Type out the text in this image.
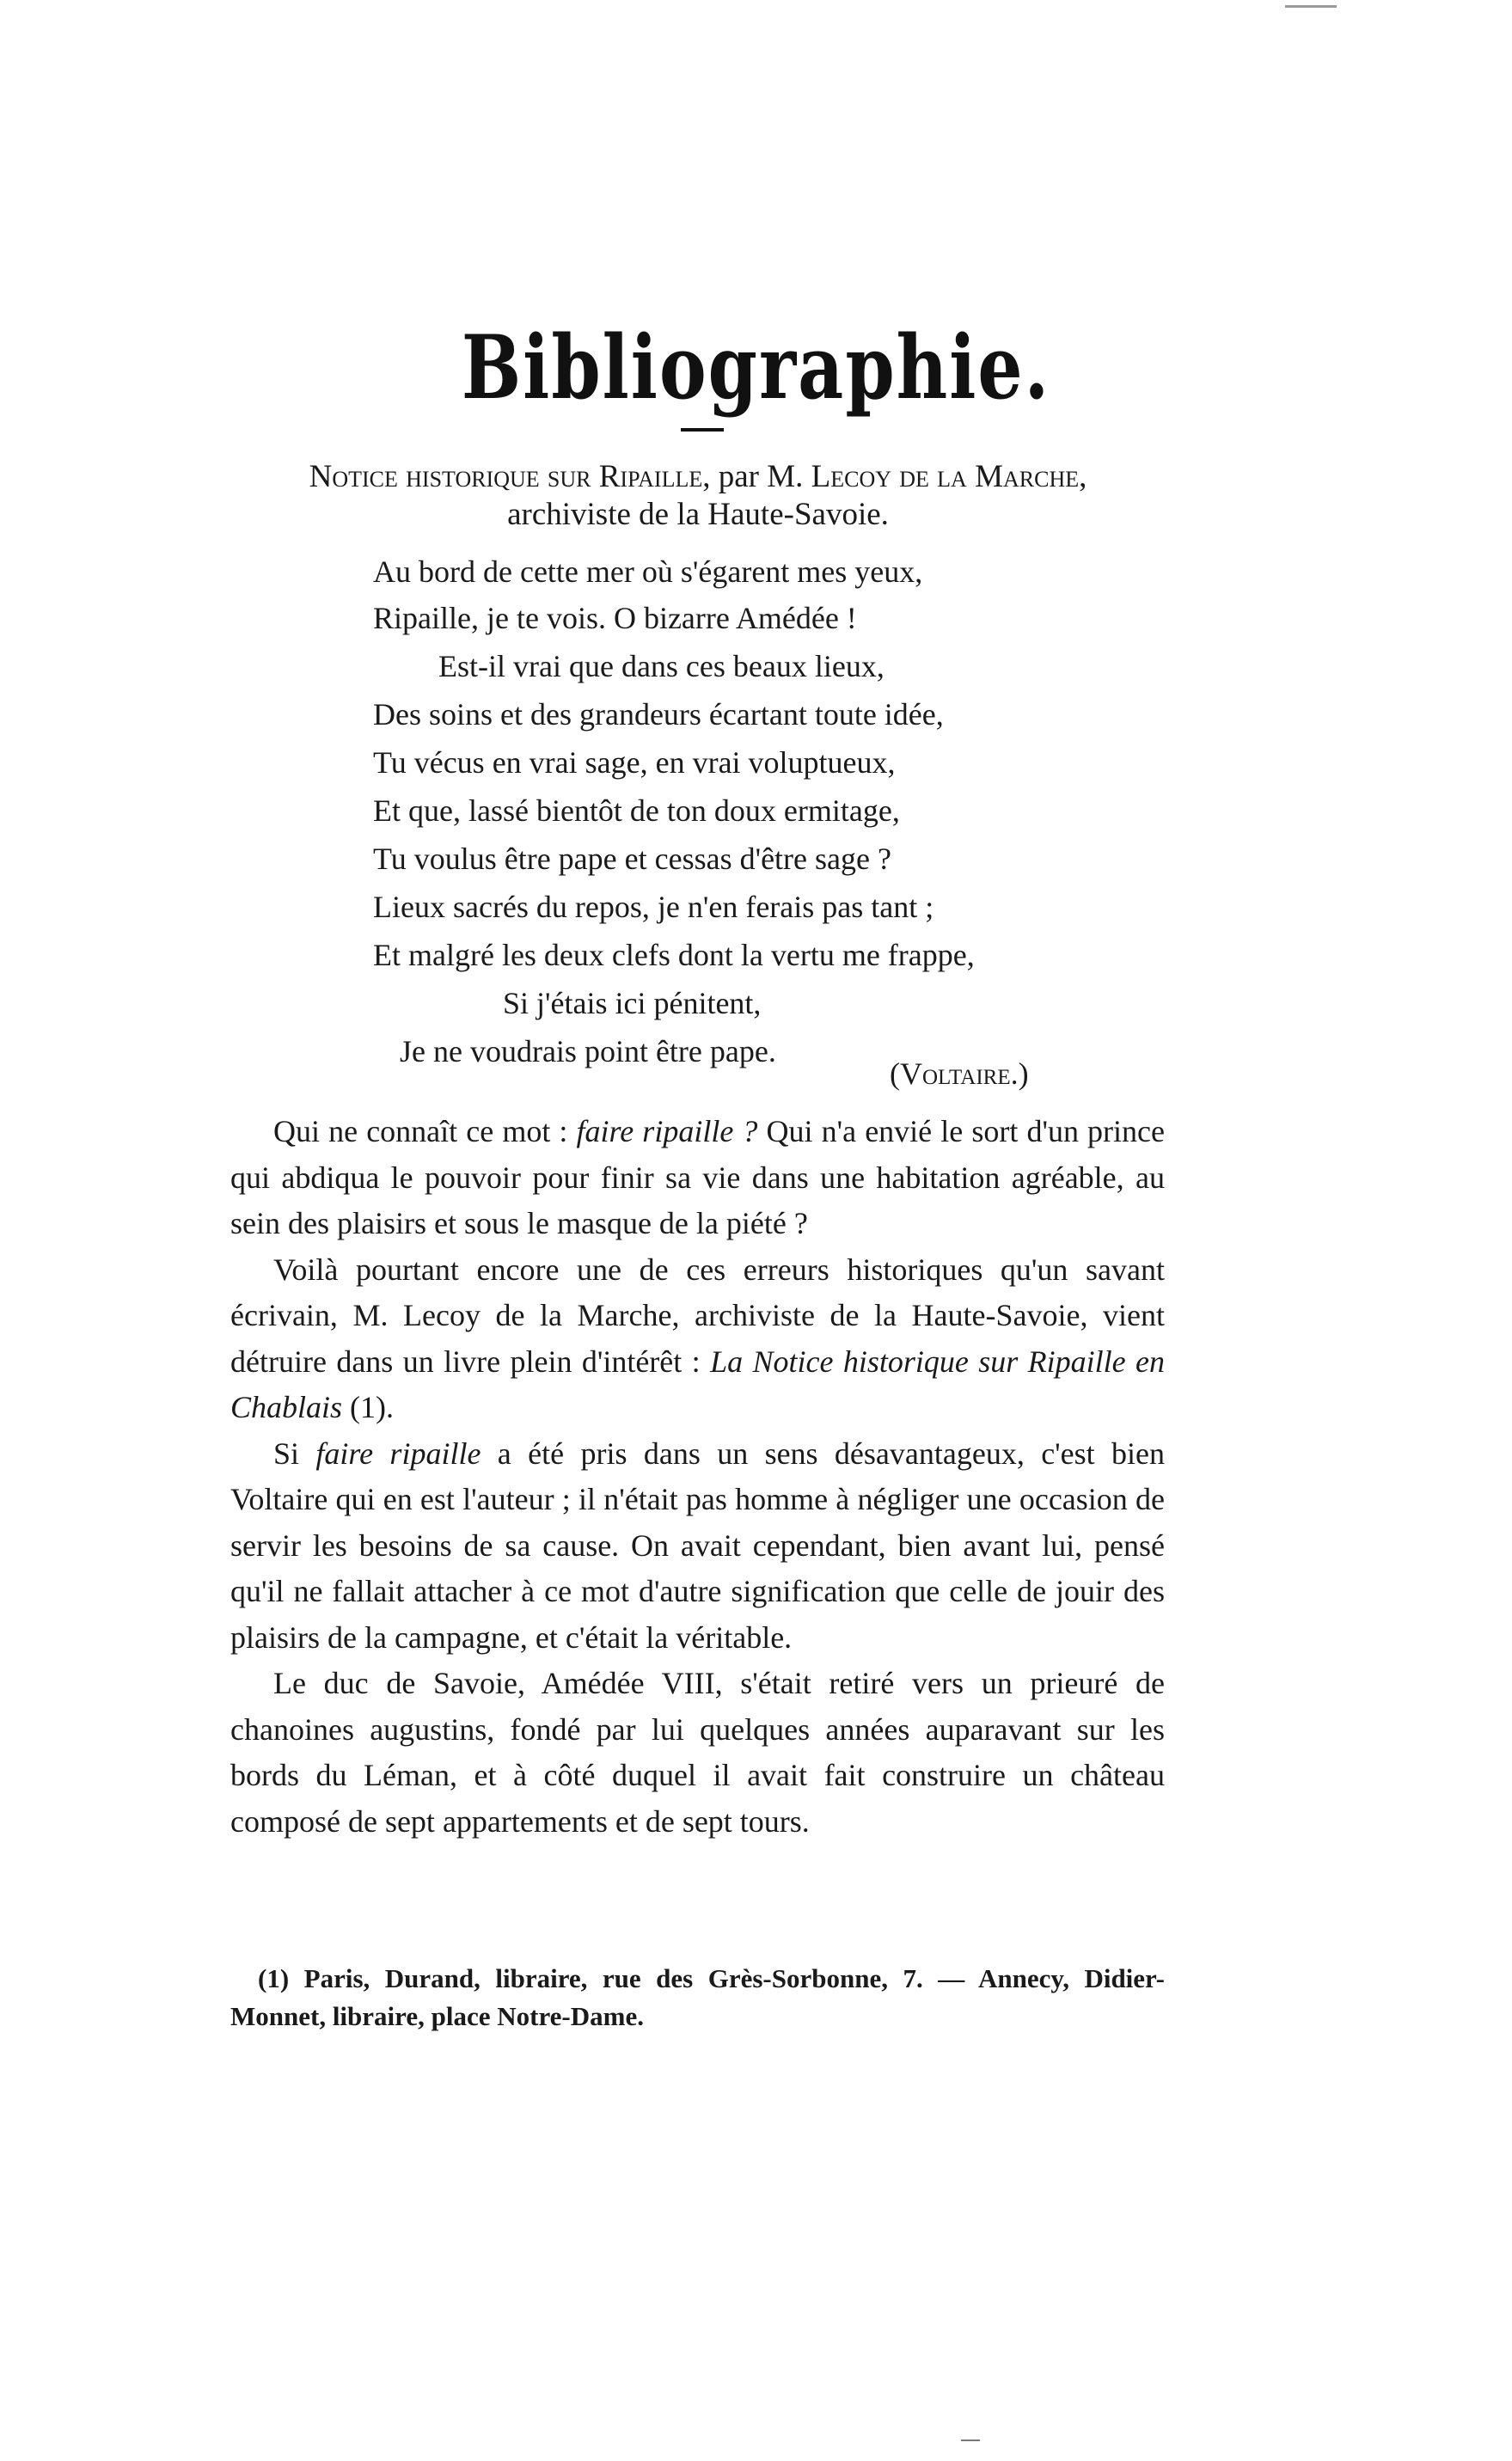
Bibliographie.
Notice historique sur Ripaille, par M. Lecoy de la Marche,
archiviste de la Haute-Savoie.
Au bord de cette mer où s'égarent mes yeux,
Ripaille, je te vois. O bizarre Amédée !
Est-il vrai que dans ces beaux lieux,
Des soins et des grandeurs écartant toute idée,
Tu vécus en vrai sage, en vrai voluptueux,
Et que, lassé bientôt de ton doux ermitage,
Tu voulus être pape et cessas d'être sage ?
Lieux sacrés du repos, je n'en ferais pas tant ;
Et malgré les deux clefs dont la vertu me frappe,
Si j'étais ici pénitent,
Je ne voudrais point être pape.
(Voltaire.)

Qui ne connaît ce mot : faire ripaille ? Qui n'a envié le sort d'un prince qui abdiqua le pouvoir pour finir sa vie dans une habitation agréable, au sein des plaisirs et sous le masque de la piété ?

Voilà pourtant encore une de ces erreurs historiques qu'un savant écrivain, M. Lecoy de la Marche, archiviste de la Haute-Savoie, vient détruire dans un livre plein d'intérêt : La Notice historique sur Ripaille en Chablais (1).

Si faire ripaille a été pris dans un sens désavantageux, c'est bien Voltaire qui en est l'auteur ; il n'était pas homme à négliger une occasion de servir les besoins de sa cause. On avait cependant, bien avant lui, pensé qu'il ne fallait attacher à ce mot d'autre signification que celle de jouir des plaisirs de la campagne, et c'était la véritable.

Le duc de Savoie, Amédée VIII, s'était retiré vers un prieuré de chanoines augustins, fondé par lui quelques années auparavant sur les bords du Léman, et à côté duquel il avait fait construire un château composé de sept appartements et de sept tours.

(1) Paris, Durand, libraire, rue des Grès-Sorbonne, 7. — Annecy, Didier-Monnet, libraire, place Notre-Dame.
